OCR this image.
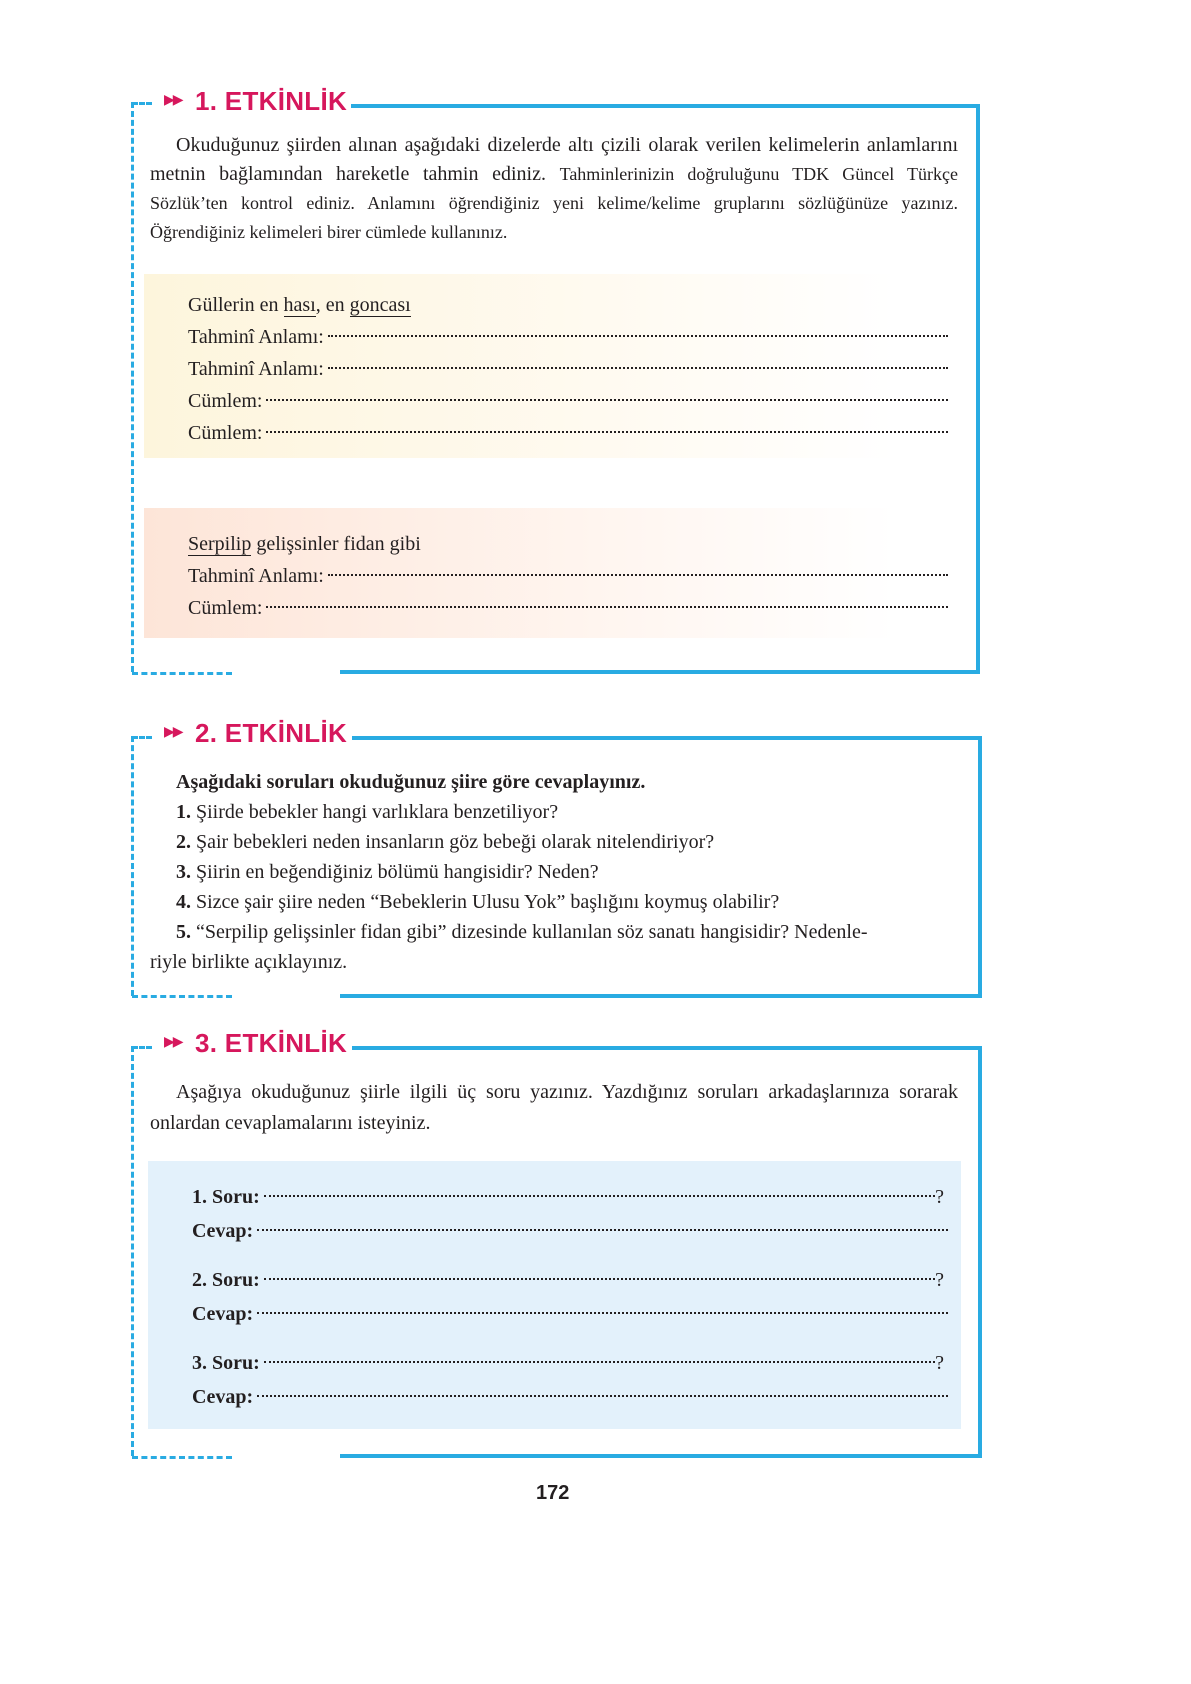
▶▶ 1. ETKİNLİK
Okuduğunuz şiirden alınan aşağıdaki dizelerde altı çizili olarak verilen kelimelerin anlamlarını metnin bağlamından hareketle tahmin ediniz. Tahminlerinizin doğruluğunu TDK Güncel Türkçe Sözlük’ten kontrol ediniz. Anlamını öğrendiğiniz yeni kelime/kelime gruplarını sözlüğünüze yazınız. Öğrendiğiniz kelimeleri birer cümlede kullanınız.
Güllerin en hası, en goncası
Tahminî Anlamı:
Tahminî Anlamı:
Cümlem:
Cümlem:
Serpilip gelişsinler fidan gibi
Tahminî Anlamı:
Cümlem:
▶▶ 2. ETKİNLİK
Aşağıdaki soruları okuduğunuz şiire göre cevaplayınız.
1. Şiirde bebekler hangi varlıklara benzetiliyor?
2. Şair bebekleri neden insanların göz bebeği olarak nitelendiriyor?
3. Şiirin en beğendiğiniz bölümü hangisidir? Neden?
4. Sizce şair şiire neden “Bebeklerin Ulusu Yok” başlığını koymuş olabilir?
5. “Serpilip gelişsinler fidan gibi” dizesinde kullanılan söz sanatı hangisidir? Nedenle-
riyle birlikte açıklayınız.
▶▶ 3. ETKİNLİK
Aşağıya okuduğunuz şiirle ilgili üç soru yazınız. Yazdığınız soruları arkadaşlarınıza sorarak onlardan cevaplamalarını isteyiniz.
1. Soru:	?
Cevap:
2. Soru:	?
Cevap:
3. Soru:	?
Cevap:
172
